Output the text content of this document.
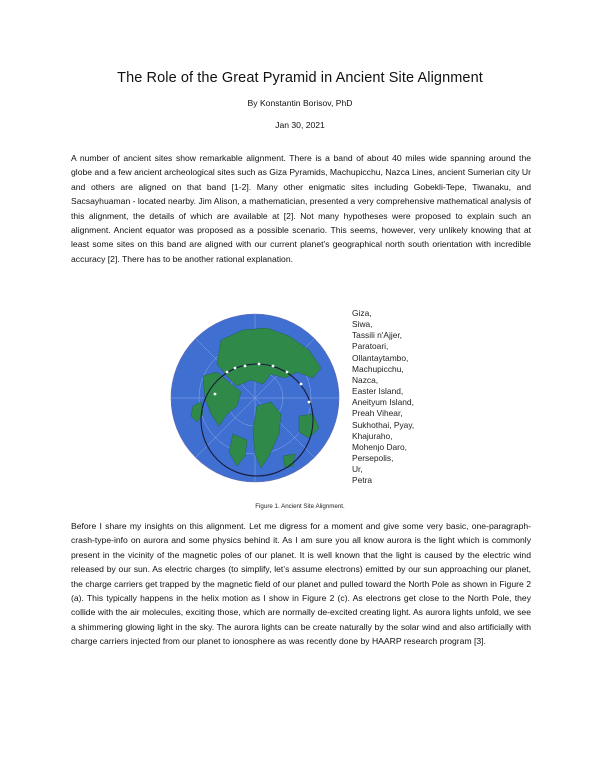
The Role of the Great Pyramid in Ancient Site Alignment
By Konstantin Borisov, PhD
Jan 30, 2021

A number of ancient sites show remarkable alignment. There is a band of about 40 miles wide spanning around the globe and a few ancient archeological sites such as Giza Pyramids, Machupicchu, Nazca Lines, ancient Sumerian city Ur and others are aligned on that band [1-2]. Many other enigmatic sites including Gobekli-Tepe, Tiwanaku, and Sacsayhuaman - located nearby. Jim Alison, a mathematician, presented a very comprehensive mathematical analysis of this alignment, the details of which are available at [2]. Not many hypotheses were proposed to explain such an alignment. Ancient equator was proposed as a possible scenario. This seems, however, very unlikely knowing that at least some sites on this band are aligned with our current planet’s geographical north south orientation with incredible accuracy [2]. There has to be another rational explanation.

Giza,
Siwa,
Tassili n'Ajjer,
Paratoari,
Ollantaytambo,
Machupicchu,
Nazca,
Easter Island,
Aneityum Island,
Preah Vihear,
Sukhothai, Pyay,
Khajuraho,
Mohenjo Daro,
Persepolis,
Ur,
Petra
Figure 1. Ancient Site Alignment.

Before I share my insights on this alignment. Let me digress for a moment and give some very basic, one-paragraph-crash-type-info on aurora and some physics behind it. As I am sure you all know aurora is the light which is commonly present in the vicinity of the magnetic poles of our planet. It is well known that the light is caused by the electric wind released by our sun. As electric charges (to simplify, let’s assume electrons) emitted by our sun approaching our planet, the charge carriers get trapped by the magnetic field of our planet and pulled toward the North Pole as shown in Figure 2 (a). This typically happens in the helix motion as I show in Figure 2 (c). As electrons get close to the North Pole, they collide with the air molecules, exciting those, which are normally de-excited creating light. As aurora lights unfold, we see a shimmering glowing light in the sky. The aurora lights can be create naturally by the solar wind and also artificially with charge carriers injected from our planet to ionosphere as was recently done by HAARP research program [3].
